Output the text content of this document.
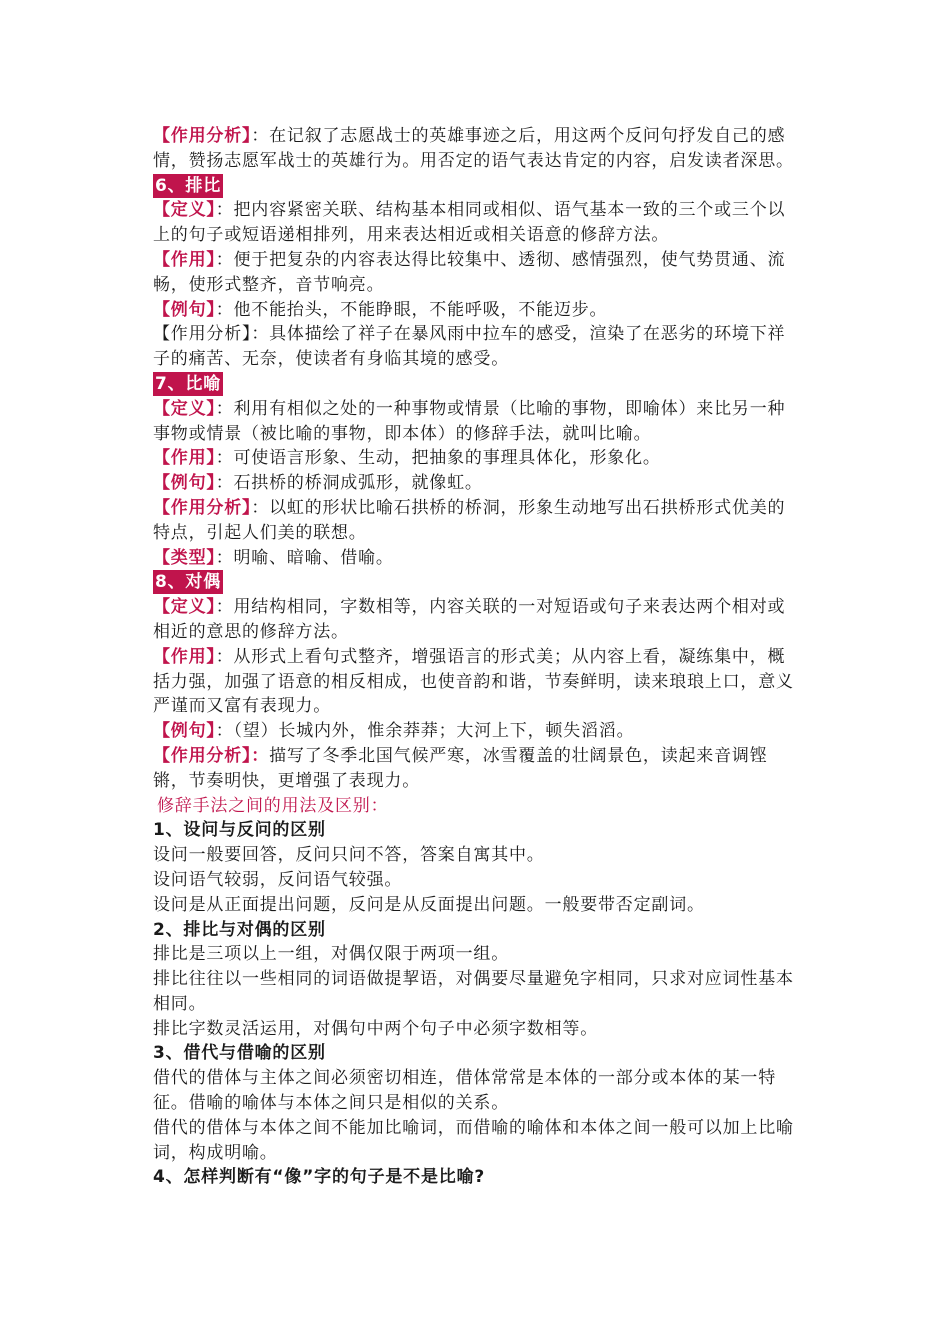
【作用分析】：在记叙了志愿战士的英雄事迹之后，用这两个反问句抒发自己的感情，赞扬志愿军战士的英雄行为。用否定的语气表达肯定的内容，启发读者深思。

6、排比

【定义】：把内容紧密关联、结构基本相同或相似、语气基本一致的三个或三个以上的句子或短语递相排列，用来表达相近或相关语意的修辞方法。

【作用】：便于把复杂的内容表达得比较集中、透彻、感情强烈，使气势贯通、流畅，使形式整齐，音节响亮。

【例句】：他不能抬头，不能睁眼，不能呼吸，不能迈步。

【作用分析】：具体描绘了祥子在暴风雨中拉车的感受，渲染了在恶劣的环境下祥子的痛苦、无奈，使读者有身临其境的感受。

7、比喻

【定义】：利用有相似之处的一种事物或情景（比喻的事物，即喻体）来比另一种事物或情景（被比喻的事物，即本体）的修辞手法，就叫比喻。

【作用】：可使语言形象、生动，把抽象的事理具体化，形象化。

【例句】：石拱桥的桥洞成弧形，就像虹。

【作用分析】：以虹的形状比喻石拱桥的桥洞，形象生动地写出石拱桥形式优美的特点，引起人们美的联想。

【类型】：明喻、暗喻、借喻。

8、对偶

【定义】：用结构相同，字数相等，内容关联的一对短语或句子来表达两个相对或相近的意思的修辞方法。

【作用】：从形式上看句式整齐，增强语言的形式美；从内容上看，凝练集中，概括力强，加强了语意的相反相成，也使音韵和谐，节奏鲜明，读来琅琅上口，意义严谨而又富有表现力。

【例句】：（望）长城内外，惟余莽莽；大河上下，顿失滔滔。

【作用分析】：描写了冬季北国气候严寒，冰雪覆盖的壮阔景色，读起来音调铿锵，节奏明快，更增强了表现力。

修辞手法之间的用法及区别：

1、设问与反问的区别

设问一般要回答，反问只问不答，答案自寓其中。

设问语气较弱，反问语气较强。

设问是从正面提出问题，反问是从反面提出问题。一般要带否定副词。

2、排比与对偶的区别

排比是三项以上一组，对偶仅限于两项一组。

排比往往以一些相同的词语做提挈语，对偶要尽量避免字相同，只求对应词性基本相同。

排比字数灵活运用，对偶句中两个句子中必须字数相等。

3、借代与借喻的区别

借代的借体与主体之间必须密切相连，借体常常是本体的一部分或本体的某一特征。借喻的喻体与本体之间只是相似的关系。

借代的借体与本体之间不能加比喻词，而借喻的喻体和本体之间一般可以加上比喻词，构成明喻。

4、怎样判断有“像”字的句子是不是比喻?
